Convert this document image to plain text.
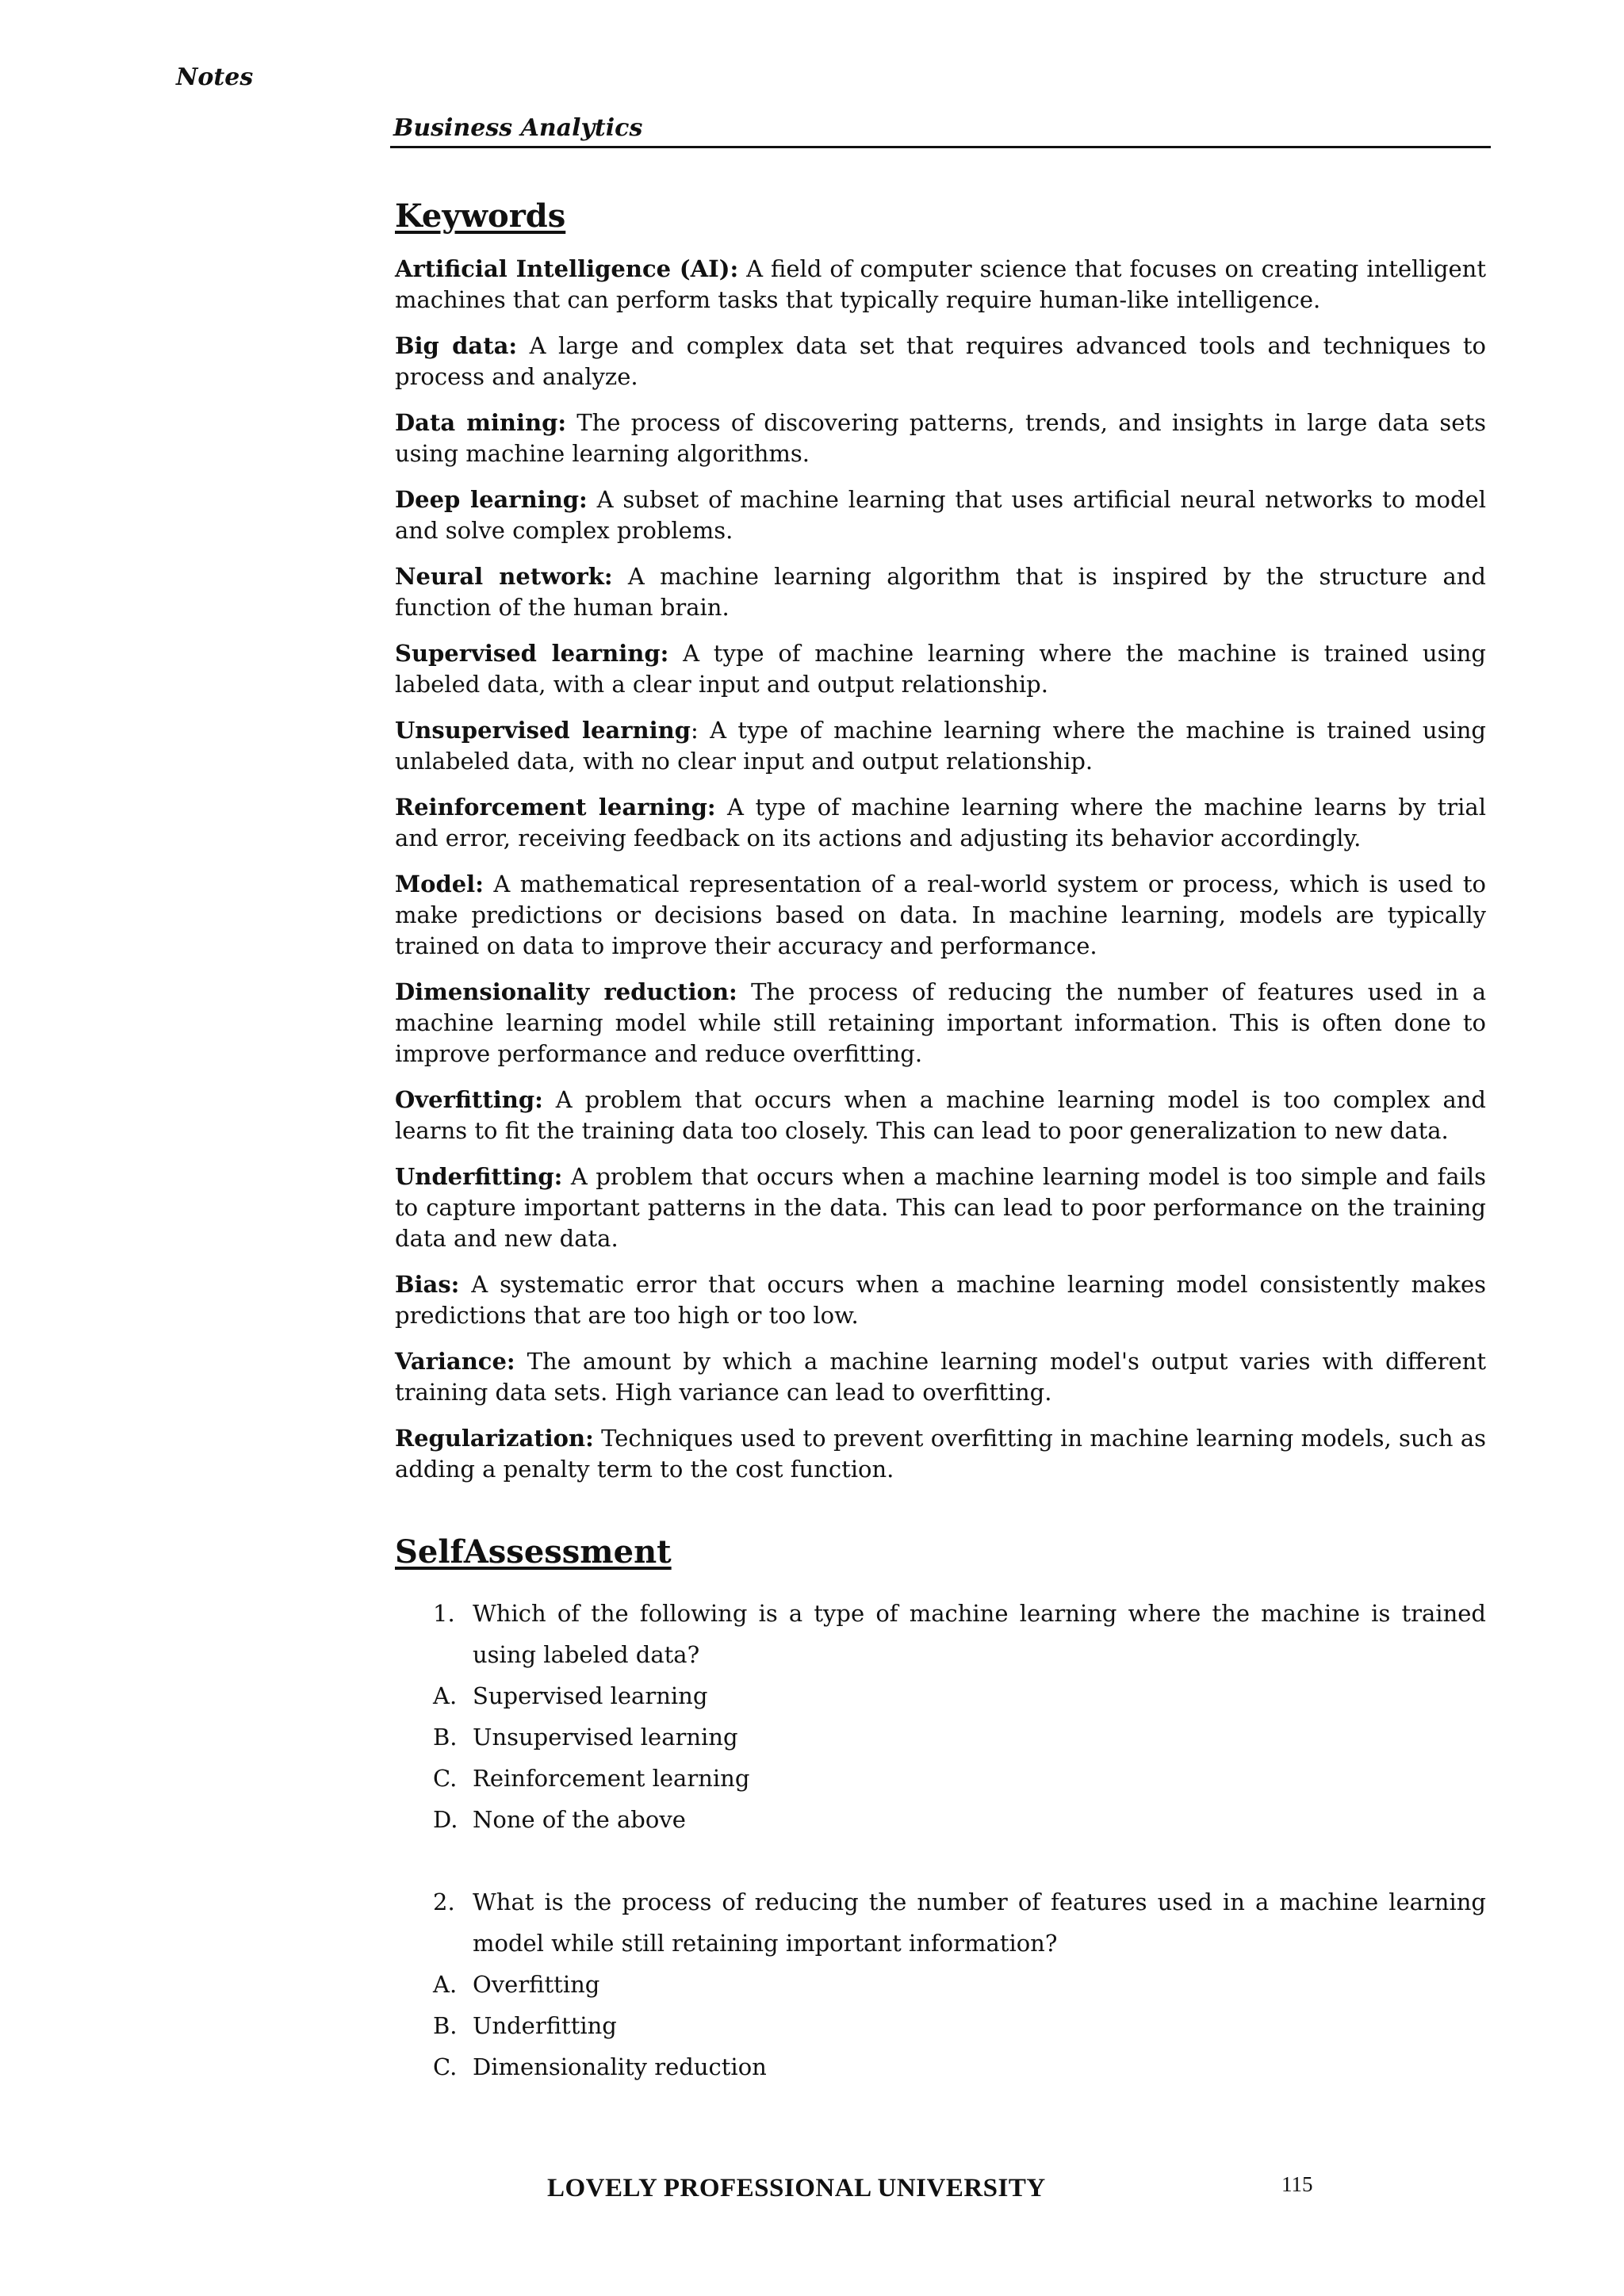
Notes
Business Analytics
Keywords

Artificial Intelligence (AI): A field of computer science that focuses on creating intelligent machines that can perform tasks that typically require human-like intelligence.

Big data: A large and complex data set that requires advanced tools and techniques to process and analyze.

Data mining: The process of discovering patterns, trends, and insights in large data sets using machine learning algorithms.

Deep learning: A subset of machine learning that uses artificial neural networks to model and solve complex problems.

Neural network: A machine learning algorithm that is inspired by the structure and function of the human brain.

Supervised learning: A type of machine learning where the machine is trained using labeled data, with a clear input and output relationship.

Unsupervised learning: A type of machine learning where the machine is trained using unlabeled data, with no clear input and output relationship.

Reinforcement learning: A type of machine learning where the machine learns by trial and error, receiving feedback on its actions and adjusting its behavior accordingly.

Model: A mathematical representation of a real-world system or process, which is used to make predictions or decisions based on data. In machine learning, models are typically trained on data to improve their accuracy and performance.

Dimensionality reduction: The process of reducing the number of features used in a machine learning model while still retaining important information. This is often done to improve performance and reduce overfitting.

Overfitting: A problem that occurs when a machine learning model is too complex and learns to fit the training data too closely. This can lead to poor generalization to new data.

Underfitting: A problem that occurs when a machine learning model is too simple and fails to capture important patterns in the data. This can lead to poor performance on the training data and new data.

Bias: A systematic error that occurs when a machine learning model consistently makes predictions that are too high or too low.

Variance: The amount by which a machine learning model's output varies with different training data sets. High variance can lead to overfitting.

Regularization: Techniques used to prevent overfitting in machine learning models, such as adding a penalty term to the cost function.

SelfAssessment
1. Which of the following is a type of machine learning where the machine is trained using labeled data?
A. Supervised learning
B. Unsupervised learning
C. Reinforcement learning
D. None of the above
2. What is the process of reducing the number of features used in a machine learning model while still retaining important information?
A. Overfitting
B. Underfitting
C. Dimensionality reduction
LOVELY PROFESSIONAL UNIVERSITY	115
